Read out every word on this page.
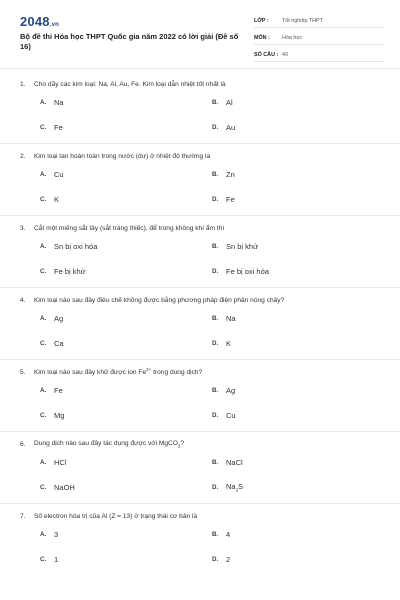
2048.vn
Bộ đề thi Hóa học THPT Quốc gia năm 2022 có lời giải (Đề số 16)
LỚP :	Tốt nghiệp THPT
MÔN :	Hóa học
SỐ CÂU : 40
1.	Cho dãy các kim loại: Na, Al, Au, Fe. Kim loại dẫn nhiệt tốt nhất là
A.	Na	B.	Al
C.	Fe	D.	Au
2.	Kim loại tan hoàn toàn trong nước (dư) ở nhiệt độ thường là
A.	Cu	B.	Zn
C.	K	D.	Fe
3.	Cắt một miếng sắt tây (sắt tráng thiếc), để trong không khí ẩm thì
A.	Sn bị oxi hóa	B.	Sn bị khử
C.	Fe bị khử	D.	Fe bị oxi hóa
4.	Kim loại nào sau đây điều chế không được bằng phương pháp điện phân nóng chảy?
A.	Ag	B.	Na
C.	Ca	D.	K
5.	Kim loại nào sau đây khử được ion $Fe^{2+}$ trong dung dịch?
A.	Fe	B.	Ag
C.	Mg	D.	Cu
6.	Dung dịch nào sau đây tác dụng được với MgCO$_3$?
A.	HCl	B.	NaCl
C.	NaOH	D.	$Na_2S$
7.	Số electron hóa trị của Al (Z = 13) ở trạng thái cơ bản là
A.	3	B.	4
C.	1	D.	2
